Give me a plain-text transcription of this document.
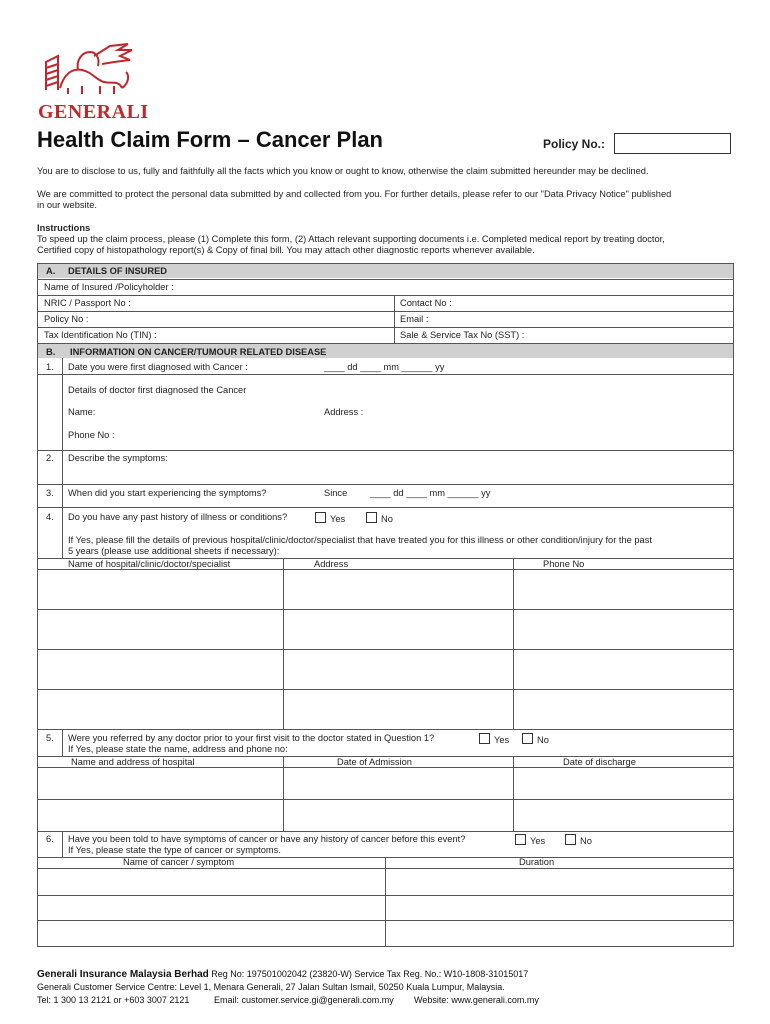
GENERALI
Health Claim Form – Cancer Plan	Policy No.:
You are to disclose to us, fully and faithfully all the facts which you know or ought to know, otherwise the claim submitted hereunder may be declined.
We are committed to protect the personal data submitted by and collected from you. For further details, please refer to our "Data Privacy Notice" published
in our website.
Instructions
To speed up the claim process, please (1) Complete this form, (2) Attach relevant supporting documents i.e. Completed medical report by treating doctor,
Certified copy of histopathology report(s) & Copy of final bill. You may attach other diagnostic reports whenever available.
A. DETAILS OF INSURED
Name of Insured /Policyholder :
NRIC / Passport No :	Contact No :
Policy No :	Email :
Tax Identification No (TIN) :	Sale & Service Tax No (SST) :
B. INFORMATION ON CANCER/TUMOUR RELATED DISEASE
1. Date you were first diagnosed with Cancer :	____ dd ____ mm ______ yy
Details of doctor first diagnosed the Cancer
Name:	Address :
Phone No :
2. Describe the symptoms:
3. When did you start experiencing the symptoms?	Since ____ dd ____ mm ______ yy
4. Do you have any past history of illness or conditions?	Yes	No
If Yes, please fill the details of previous hospital/clinic/doctor/specialist that have treated you for this illness or other condition/injury for the past
5 years (please use additional sheets if necessary):
Name of hospital/clinic/doctor/specialist	Address	Phone No
5. Were you referred by any doctor prior to your first visit to the doctor stated in Question 1?	Yes	No
If Yes, please state the name, address and phone no:
Name and address of hospital	Date of Admission	Date of discharge
6. Have you been told to have symptoms of cancer or have any history of cancer before this event?	Yes	No
If Yes, please state the type of cancer or symptoms.
Name of cancer / symptom	Duration
Generali Insurance Malaysia Berhad Reg No: 197501002042 (23820-W) Service Tax Reg. No.: W10-1808-31015017
Generali Customer Service Centre: Level 1, Menara Generali, 27 Jalan Sultan Ismail, 50250 Kuala Lumpur, Malaysia.
Tel: 1 300 13 2121 or +603 3007 2121	Email: customer.service.gi@generali.com.my Website: www.generali.com.my
